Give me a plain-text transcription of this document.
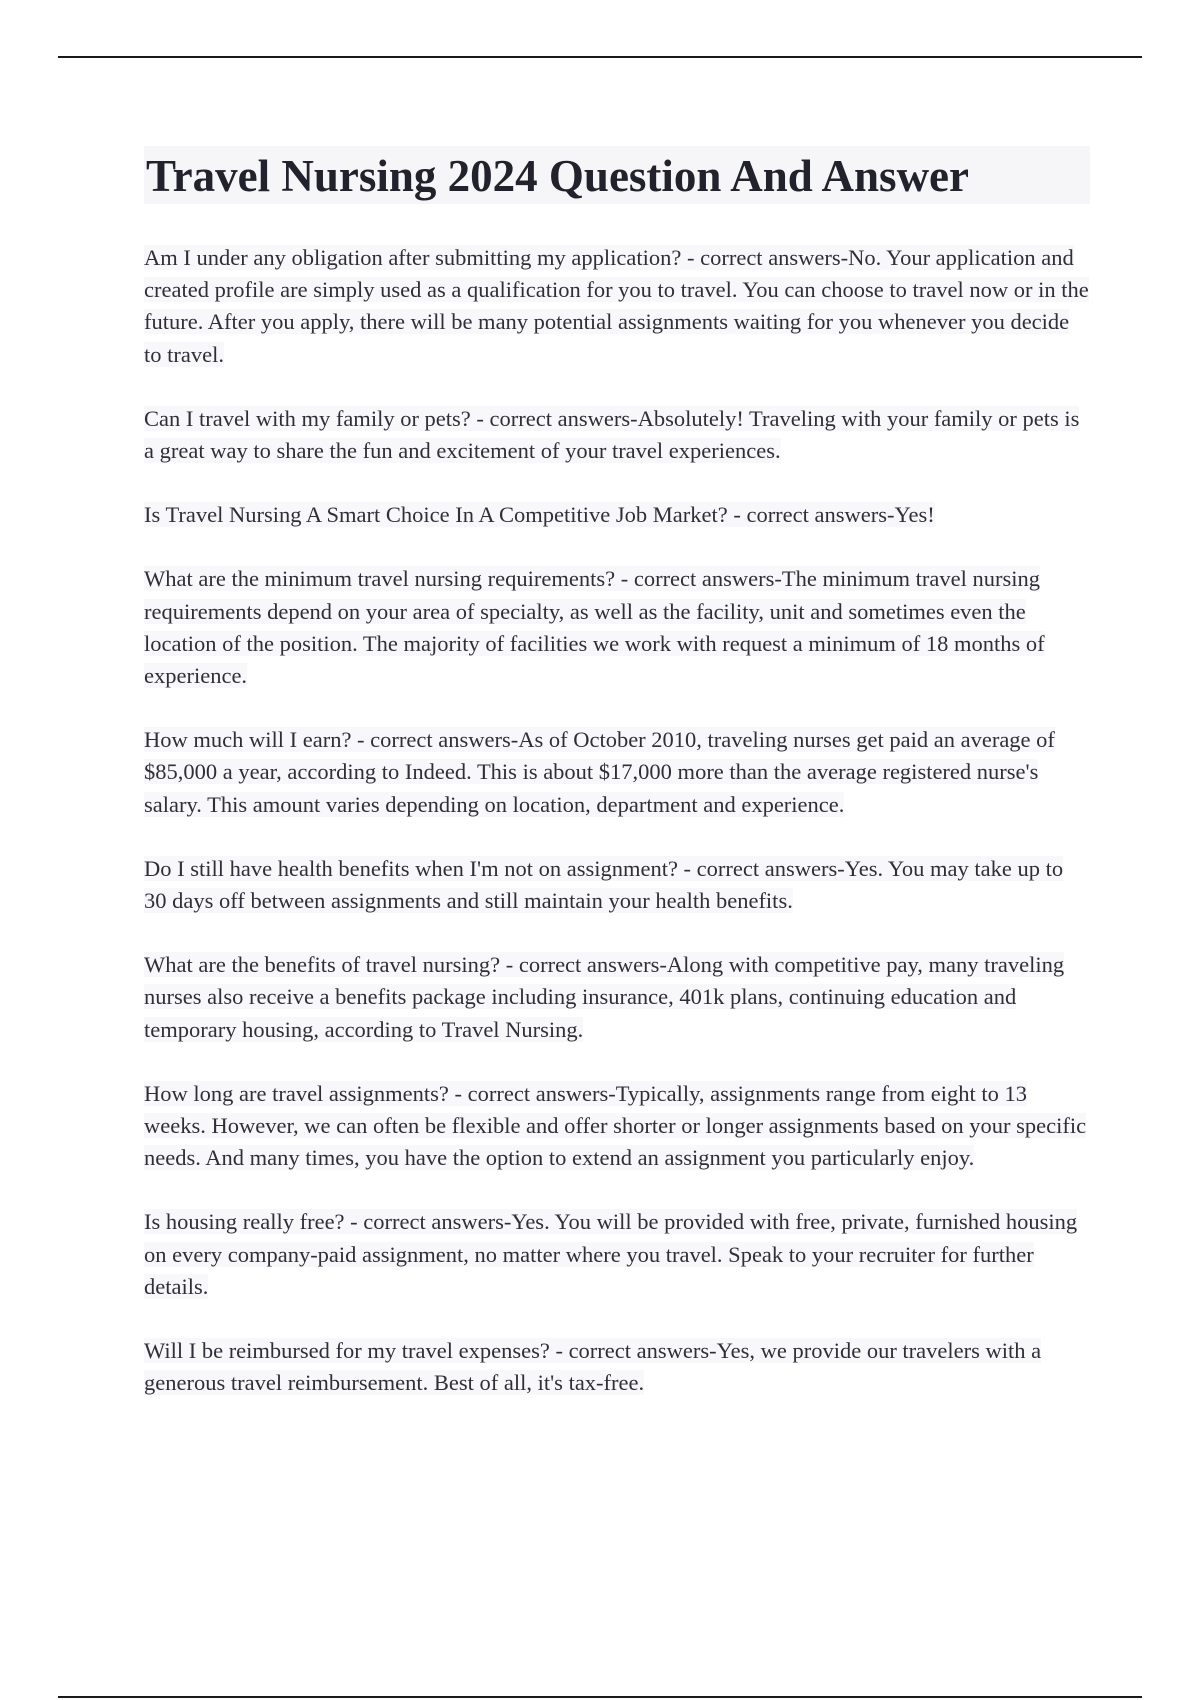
Travel Nursing 2024 Question And Answer

Am I under any obligation after submitting my application? - correct answers-No. Your application and created profile are simply used as a qualification for you to travel. You can choose to travel now or in the future. After you apply, there will be many potential assignments waiting for you whenever you decide to travel.

Can I travel with my family or pets? - correct answers-Absolutely! Traveling with your family or pets is a great way to share the fun and excitement of your travel experiences.

Is Travel Nursing A Smart Choice In A Competitive Job Market? - correct answers-Yes!

What are the minimum travel nursing requirements? - correct answers-The minimum travel nursing requirements depend on your area of specialty, as well as the facility, unit and sometimes even the location of the position. The majority of facilities we work with request a minimum of 18 months of experience.

How much will I earn? - correct answers-As of October 2010, traveling nurses get paid an average of $85,000 a year, according to Indeed. This is about $17,000 more than the average registered nurse's salary. This amount varies depending on location, department and experience.

Do I still have health benefits when I'm not on assignment? - correct answers-Yes. You may take up to 30 days off between assignments and still maintain your health benefits.

What are the benefits of travel nursing? - correct answers-Along with competitive pay, many traveling nurses also receive a benefits package including insurance, 401k plans, continuing education and temporary housing, according to Travel Nursing.

How long are travel assignments? - correct answers-Typically, assignments range from eight to 13 weeks. However, we can often be flexible and offer shorter or longer assignments based on your specific needs. And many times, you have the option to extend an assignment you particularly enjoy.

Is housing really free? - correct answers-Yes. You will be provided with free, private, furnished housing on every company-paid assignment, no matter where you travel. Speak to your recruiter for further details.

Will I be reimbursed for my travel expenses? - correct answers-Yes, we provide our travelers with a generous travel reimbursement. Best of all, it's tax-free.
